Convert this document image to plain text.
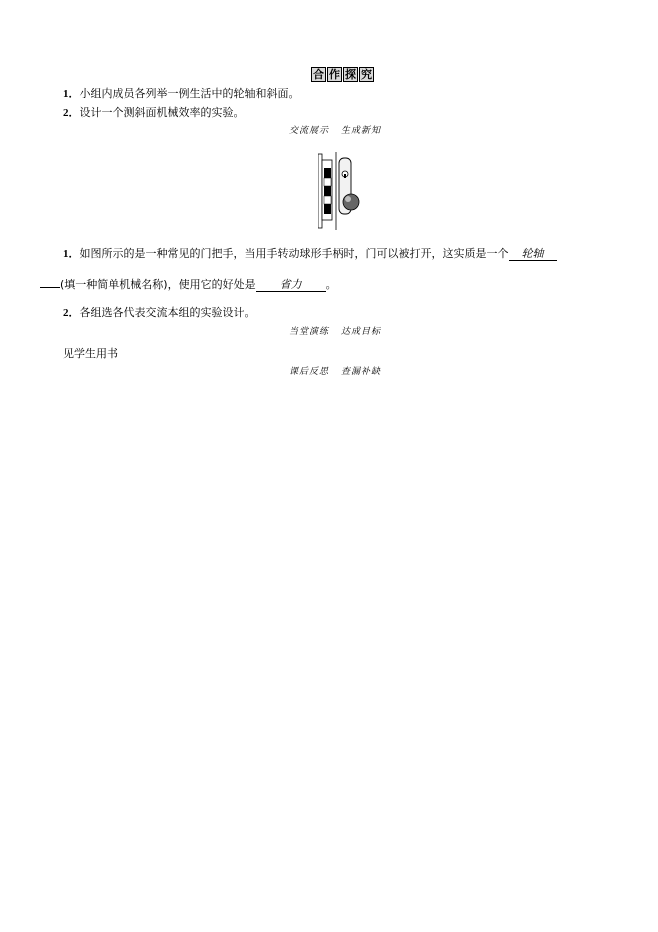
合 作 探 究
1．小组内成员各列举一例生活中的轮轴和斜面。
2．设计一个测斜面机械效率的实验。
交流展示 生成新知
1．如图所示的是一种常见的门把手，当用手转动球形手柄时，门可以被打开，这实质是一个 轮轴
(填一种简单机械名称)，使用它的好处是 省力 。
2．各组选各代表交流本组的实验设计。
当堂演练 达成目标
见学生用书
课后反思 查漏补缺
